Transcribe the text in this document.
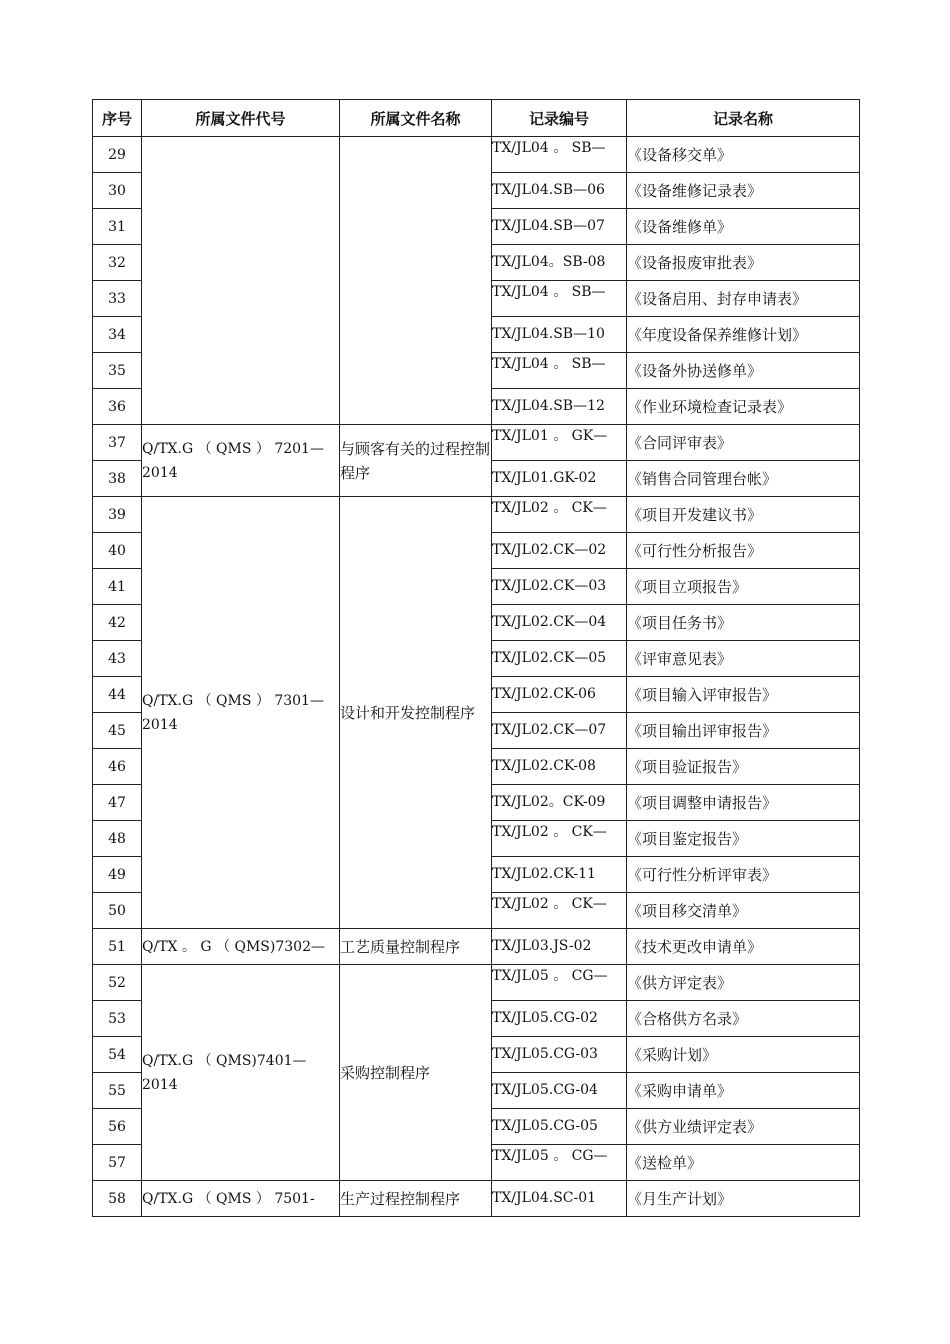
序号	所属文件代号	所属文件名称	记录编号	记录名称
29			TX/JL04 。 SB—	《设备移交单》
30			TX/JL04.SB—06	《设备维修记录表》
31			TX/JL04.SB—07	《设备维修单》
32			TX/JL04。SB-08	《设备报废审批表》
33			TX/JL04 。 SB—	《设备启用、封存申请表》
34			TX/JL04.SB—10	《年度设备保养维修计划》
35			TX/JL04 。 SB—	《设备外协送修单》
36			TX/JL04.SB—12	《作业环境检查记录表》
37	Q/TX.G （ QMS ） 7201—2014	与顾客有关的过程控制程序	TX/JL01 。 GK—	《合同评审表》
38			TX/JL01.GK-02	《销售合同管理台帐》
39	Q/TX.G （ QMS ） 7301—2014	设计和开发控制程序	TX/JL02 。 CK—	《项目开发建议书》
40			TX/JL02.CK—02	《可行性分析报告》
41			TX/JL02.CK—03	《项目立项报告》
42			TX/JL02.CK—04	《项目任务书》
43			TX/JL02.CK—05	《评审意见表》
44			TX/JL02.CK-06	《项目输入评审报告》
45			TX/JL02.CK—07	《项目输出评审报告》
46			TX/JL02.CK-08	《项目验证报告》
47			TX/JL02。CK-09	《项目调整申请报告》
48			TX/JL02 。 CK—	《项目鉴定报告》
49			TX/JL02.CK-11	《可行性分析评审表》
50			TX/JL02 。 CK—	《项目移交清单》
51	Q/TX 。 G （ QMS)7302—	工艺质量控制程序	TX/JL03.JS-02	《技术更改申请单》
52	Q/TX.G （ QMS)7401—2014	采购控制程序	TX/JL05 。 CG—	《供方评定表》
53			TX/JL05.CG-02	《合格供方名录》
54			TX/JL05.CG-03	《采购计划》
55			TX/JL05.CG-04	《采购申请单》
56			TX/JL05.CG-05	《供方业绩评定表》
57			TX/JL05 。 CG—	《送检单》
58	Q/TX.G （ QMS ） 7501-	生产过程控制程序	TX/JL04.SC-01	《月生产计划》
